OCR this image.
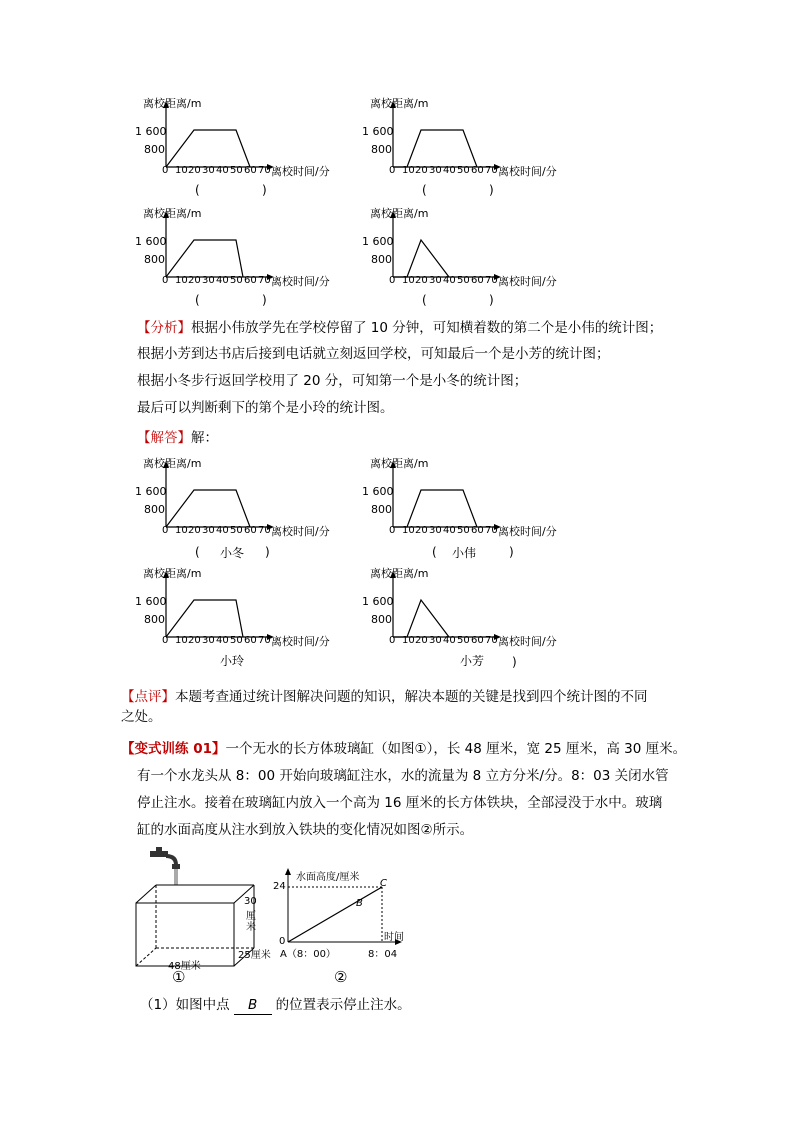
离校距离/m
1 600
800
0 10 20 30 40 50 60 70 离校时间/分
(	)
离校距离/m
1 600
800
0 10 20 30 40 50 60 70 离校时间/分
(	)
离校距离/m
1 600
800
0 10 20 30 40 50 60 70 离校时间/分
(	)
离校距离/m
1 600
800
0 10 20 30 40 50 60 70 离校时间/分
(	)
【分析】根据小伟放学先在学校停留了 10 分钟，可知横着数的第二个是小伟的统计图；
根据小芳到达书店后接到电话就立刻返回学校，可知最后一个是小芳的统计图；
根据小冬步行返回学校用了 20 分，可知第一个是小冬的统计图；
最后可以判断剩下的第个是小玲的统计图。
【解答】解：
离校距离/m
1 600
800
0 10 20 30 40 50 60 70 离校时间/分
( 小冬 )
离校距离/m
1 600
800
0 10 20 30 40 50 60 70 离校时间/分
( 小伟	)
离校距离/m
1 600
800
0 10 20 30 40 50 60 70 离校时间/分
小玲
离校距离/m
1 600
800
0 10 20 30 40 50 60 70 离校时间/分
小芳 )
【点评】本题考查通过统计图解决问题的知识，解决本题的关键是找到四个统计图的不同
之处。
【变式训练 01】一个无水的长方体玻璃缸（如图①），长 48 厘米，宽 25 厘米，高 30 厘米。
有一个水龙头从 8：00 开始向玻璃缸注水，水的流量为 8 立方分米/分。8：03 关闭水管
停止注水。接着在玻璃缸内放入一个高为 16 厘米的长方体铁块，全部浸没于水中。玻璃
缸的水面高度从注水到放入铁块的变化情况如图②所示。
30
厘
米
25厘米
48厘米
①
水面高度/厘米
24
0
C
B
时间
A（8：00）	8：04
②
（1）如图中点 B 的位置表示停止注水。
